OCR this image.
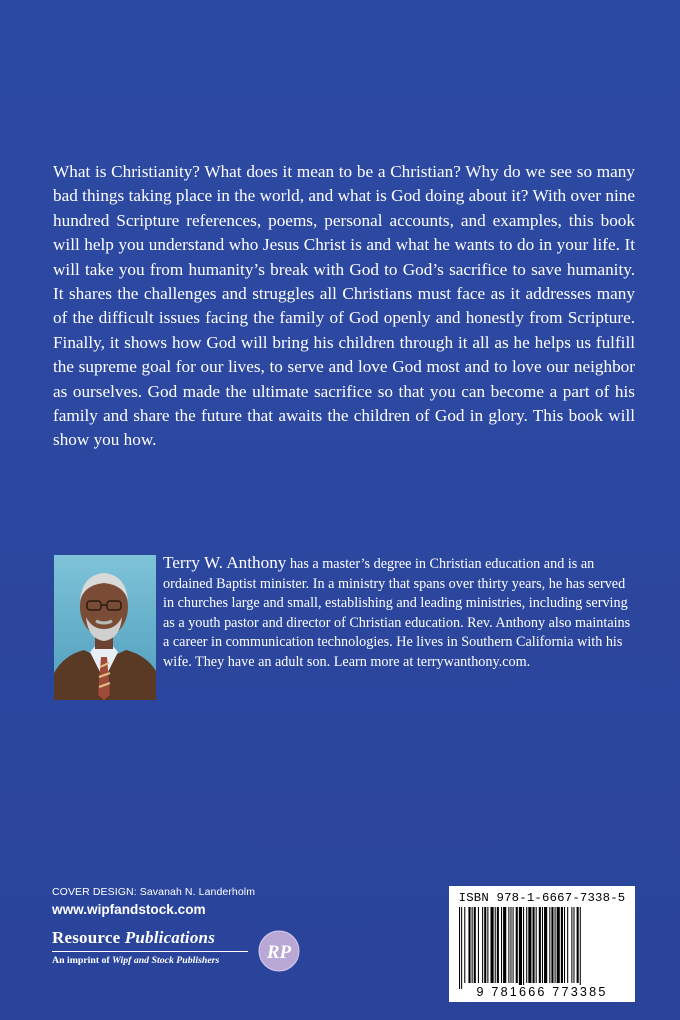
What is Christianity? What does it mean to be a Christian? Why do we see so many bad things taking place in the world, and what is God doing about it? With over nine hundred Scripture references, poems, personal accounts, and examples, this book will help you understand who Jesus Christ is and what he wants to do in your life. It will take you from humanity’s break with God to God’s sacrifice to save humanity. It shares the challenges and struggles all Christians must face as it addresses many of the difficult issues facing the family of God openly and honestly from Scripture. Finally, it shows how God will bring his children through it all as he helps us fulfill the supreme goal for our lives, to serve and love God most and to love our neighbor as ourselves. God made the ultimate sacrifice so that you can become a part of his family and share the future that awaits the children of God in glory. This book will show you how.

Terry W. Anthony has a master’s degree in Christian education and is an ordained Baptist minister. In a ministry that spans over thirty years, he has served in churches large and small, establishing and leading ministries, including serving as a youth pastor and director of Christian education. Rev. Anthony also maintains a career in communication technologies. He lives in Southern California with his wife. They have an adult son. Learn more at terrywanthony.com.

COVER DESIGN: Savanah N. Landerholm

www.wipfandstock.com

Resource Publications

An imprint of Wipf and Stock Publishers	RP
ISBN 978-1-6667-7338-5
9 781666 773385
